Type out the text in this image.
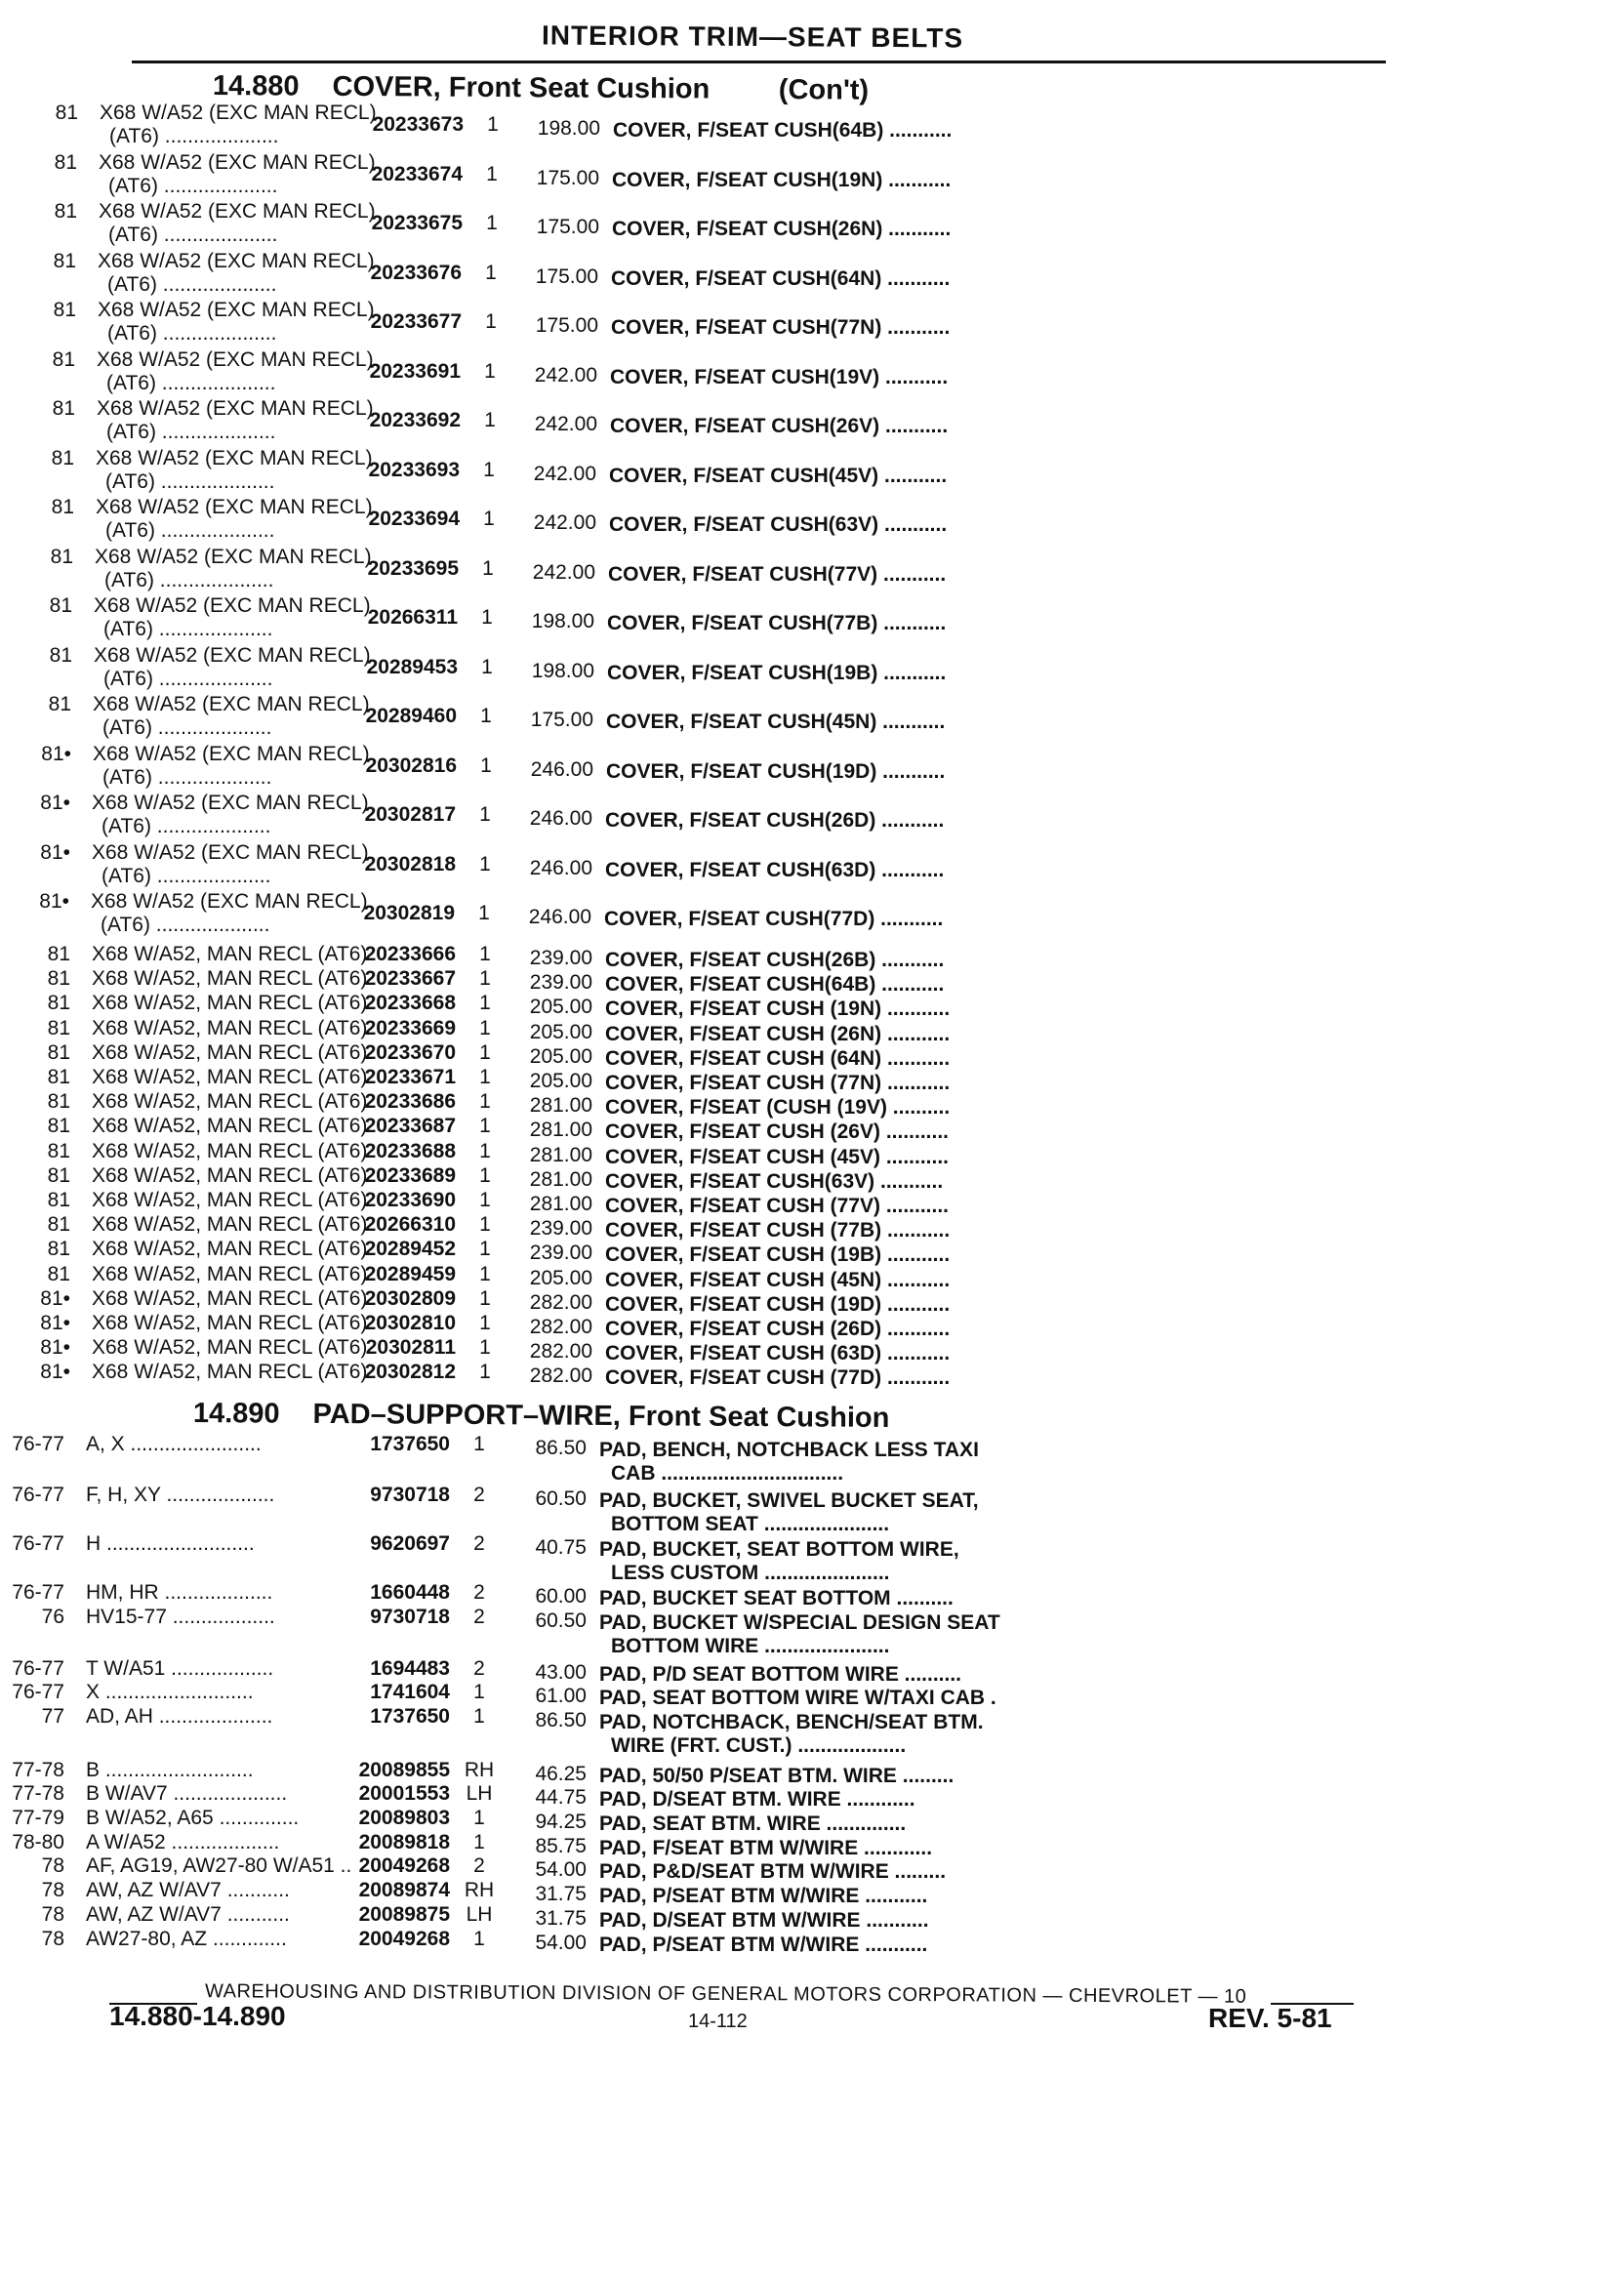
INTERIOR TRIM—SEAT BELTS
14.880 COVER, Front Seat Cushion (Con't)
81 X68 W/A52 (EXC MAN RECL)
(AT6) ....................
20233673	1	198.00 COVER, F/SEAT CUSH(64B) ...........
81 X68 W/A52 (EXC MAN RECL)
(AT6) ....................
20233674	1	175.00 COVER, F/SEAT CUSH(19N) ...........
81 X68 W/A52 (EXC MAN RECL)
(AT6) ....................
20233675	1	175.00 COVER, F/SEAT CUSH(26N) ...........
81 X68 W/A52 (EXC MAN RECL)
(AT6) ....................
20233676	1	175.00 COVER, F/SEAT CUSH(64N) ...........
81 X68 W/A52 (EXC MAN RECL)
(AT6) ....................
20233677	1	175.00 COVER, F/SEAT CUSH(77N) ...........
81 X68 W/A52 (EXC MAN RECL)
(AT6) ....................
20233691	1	242.00 COVER, F/SEAT CUSH(19V) ...........
81 X68 W/A52 (EXC MAN RECL)
(AT6) ....................
20233692	1	242.00 COVER, F/SEAT CUSH(26V) ...........
81 X68 W/A52 (EXC MAN RECL)
(AT6) ....................
20233693	1	242.00 COVER, F/SEAT CUSH(45V) ...........
81 X68 W/A52 (EXC MAN RECL)
(AT6) ....................
20233694	1	242.00 COVER, F/SEAT CUSH(63V) ...........
81 X68 W/A52 (EXC MAN RECL)
(AT6) ....................
20233695	1	242.00 COVER, F/SEAT CUSH(77V) ...........
81 X68 W/A52 (EXC MAN RECL)
(AT6) ....................
20266311	1	198.00 COVER, F/SEAT CUSH(77B) ...........
81 X68 W/A52 (EXC MAN RECL)
(AT6) ....................
20289453	1	198.00 COVER, F/SEAT CUSH(19B) ...........
81 X68 W/A52 (EXC MAN RECL)
(AT6) ....................
20289460	1	175.00 COVER, F/SEAT CUSH(45N) ...........
81• X68 W/A52 (EXC MAN RECL)
(AT6) ....................
20302816	1	246.00 COVER, F/SEAT CUSH(19D) ...........
81• X68 W/A52 (EXC MAN RECL)
(AT6) ....................
20302817	1	246.00 COVER, F/SEAT CUSH(26D) ...........
81• X68 W/A52 (EXC MAN RECL)
(AT6) ....................
20302818	1	246.00 COVER, F/SEAT CUSH(63D) ...........
81• X68 W/A52 (EXC MAN RECL)
(AT6) ....................
20302819	1	246.00 COVER, F/SEAT CUSH(77D) ...........
81 X68 W/A52, MAN RECL (AT6)
20233666	1	239.00 COVER, F/SEAT CUSH(26B) ...........
81 X68 W/A52, MAN RECL (AT6)
20233667	1	239.00 COVER, F/SEAT CUSH(64B) ...........
81 X68 W/A52, MAN RECL (AT6)
20233668	1	205.00 COVER, F/SEAT CUSH (19N) ...........
81 X68 W/A52, MAN RECL (AT6)
20233669	1	205.00 COVER, F/SEAT CUSH (26N) ...........
81 X68 W/A52, MAN RECL (AT6)
20233670	1	205.00 COVER, F/SEAT CUSH (64N) ...........
81 X68 W/A52, MAN RECL (AT6)
20233671	1	205.00 COVER, F/SEAT CUSH (77N) ...........
81 X68 W/A52, MAN RECL (AT6)
20233686	1	281.00 COVER, F/SEAT (CUSH (19V) ..........
81 X68 W/A52, MAN RECL (AT6)
20233687	1	281.00 COVER, F/SEAT CUSH (26V) ...........
81 X68 W/A52, MAN RECL (AT6)
20233688	1	281.00 COVER, F/SEAT CUSH (45V) ...........
81 X68 W/A52, MAN RECL (AT6)
20233689	1	281.00 COVER, F/SEAT CUSH(63V) ...........
81 X68 W/A52, MAN RECL (AT6)
20233690	1	281.00 COVER, F/SEAT CUSH (77V) ...........
81 X68 W/A52, MAN RECL (AT6)
20266310	1	239.00 COVER, F/SEAT CUSH (77B) ...........
81 X68 W/A52, MAN RECL (AT6)
20289452	1	239.00 COVER, F/SEAT CUSH (19B) ...........
81 X68 W/A52, MAN RECL (AT6)
20289459	1	205.00 COVER, F/SEAT CUSH (45N) ...........
81• X68 W/A52, MAN RECL (AT6)
20302809	1	282.00 COVER, F/SEAT CUSH (19D) ...........
81• X68 W/A52, MAN RECL (AT6)
20302810	1	282.00 COVER, F/SEAT CUSH (26D) ...........
81• X68 W/A52, MAN RECL (AT6)
20302811	1	282.00 COVER, F/SEAT CUSH (63D) ...........
81• X68 W/A52, MAN RECL (AT6)
20302812	1	282.00 COVER, F/SEAT CUSH (77D) ...........
76-77 A, X .......................	1737650	1	86.50 PAD, BENCH, NOTCHBACK LESS TAXI
CAB ................................
76-77 F, H, XY ...................	9730718	2	60.50 PAD, BUCKET, SWIVEL BUCKET SEAT,
BOTTOM SEAT ......................
76-77 H ..........................	9620697	2	40.75 PAD, BUCKET, SEAT BOTTOM WIRE,
LESS CUSTOM ......................
76-77 HM, HR ...................	1660448	2	60.00 PAD, BUCKET SEAT BOTTOM ..........
76 HV15-77 ..................	9730718	2	60.50 PAD, BUCKET W/SPECIAL DESIGN SEAT
BOTTOM WIRE ......................
76-77 T W/A51 ..................	1694483	2	43.00 PAD, P/D SEAT BOTTOM WIRE ..........
76-77 X ..........................	1741604	1	61.00 PAD, SEAT BOTTOM WIRE W/TAXI CAB .
77 AD, AH ....................	1737650	1	86.50 PAD, NOTCHBACK, BENCH/SEAT BTM.
WIRE (FRT. CUST.) ...................
77-78 B ..........................	20089855 RH	46.25 PAD, 50/50 P/SEAT BTM. WIRE .........
77-78 B W/AV7 ....................	20001553 LH	44.75 PAD, D/SEAT BTM. WIRE ............
77-79 B W/A52, A65 ..............	20089803	1	94.25 PAD, SEAT BTM. WIRE ..............
78-80 A W/A52 ...................	20089818	1	85.75 PAD, F/SEAT BTM W/WIRE ............
78 AF, AG19, AW27-80 W/A51 .. 20049268	2	54.00 PAD, P&D/SEAT BTM W/WIRE .........
78 AW, AZ W/AV7 ...........	20089874 RH	31.75 PAD, P/SEAT BTM W/WIRE ...........
78 AW, AZ W/AV7 ...........	20089875 LH	31.75 PAD, D/SEAT BTM W/WIRE ...........
78 AW27-80, AZ .............	20049268	1	54.00 PAD, P/SEAT BTM W/WIRE ...........
14.890 PAD–SUPPORT–WIRE, Front Seat Cushion
WAREHOUSING AND DISTRIBUTION DIVISION OF GENERAL MOTORS CORPORATION — CHEVROLET — 10
14.880-14.890	14-112	REV. 5-81
